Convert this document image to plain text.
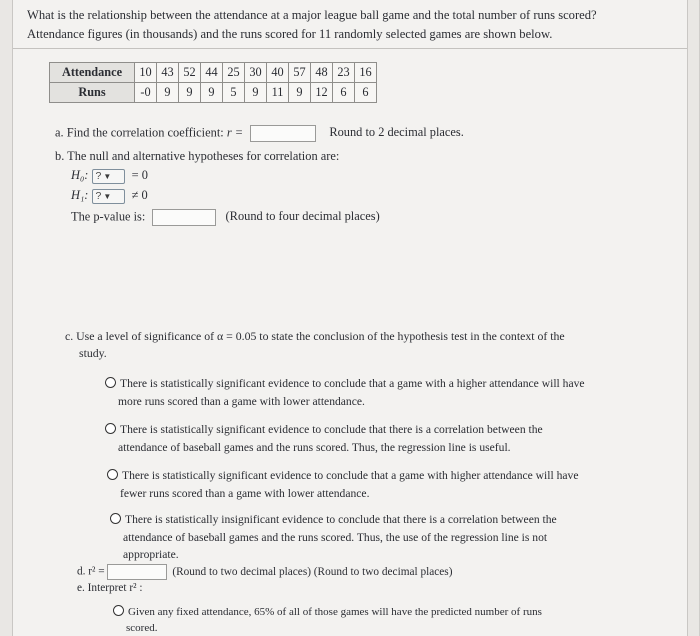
What is the relationship between the attendance at a major league ball game and the total number of runs scored?
Attendance figures (in thousands) and the runs scored for 11 randomly selected games are shown below.
Attendance	10	43	52	44	25	30	40	57	48	23	16
Runs	-0	9	9	9	5	9	11	9	12	6	6
a. Find the correlation coefficient: r =	Round to 2 decimal places.
b. The null and alternative hypotheses for correlation are:
H₀: ? ▼ = 0
H₁: ? ▼ ≠ 0
The p-value is:	(Round to four decimal places)
c. Use a level of significance of α = 0.05 to state the conclusion of the hypothesis test in the context of the
study.
There is statistically significant evidence to conclude that a game with a higher attendance will have
more runs scored than a game with lower attendance.
There is statistically significant evidence to conclude that there is a correlation between the
attendance of baseball games and the runs scored. Thus, the regression line is useful.
There is statistically significant evidence to conclude that a game with higher attendance will have
fewer runs scored than a game with lower attendance.
There is statistically insignificant evidence to conclude that there is a correlation between the
attendance of baseball games and the runs scored. Thus, the use of the regression line is not
appropriate.
d. r² =	(Round to two decimal places) (Round to two decimal places)
e. Interpret r² :
Given any fixed attendance, 65% of all of those games will have the predicted number of runs
scored.
